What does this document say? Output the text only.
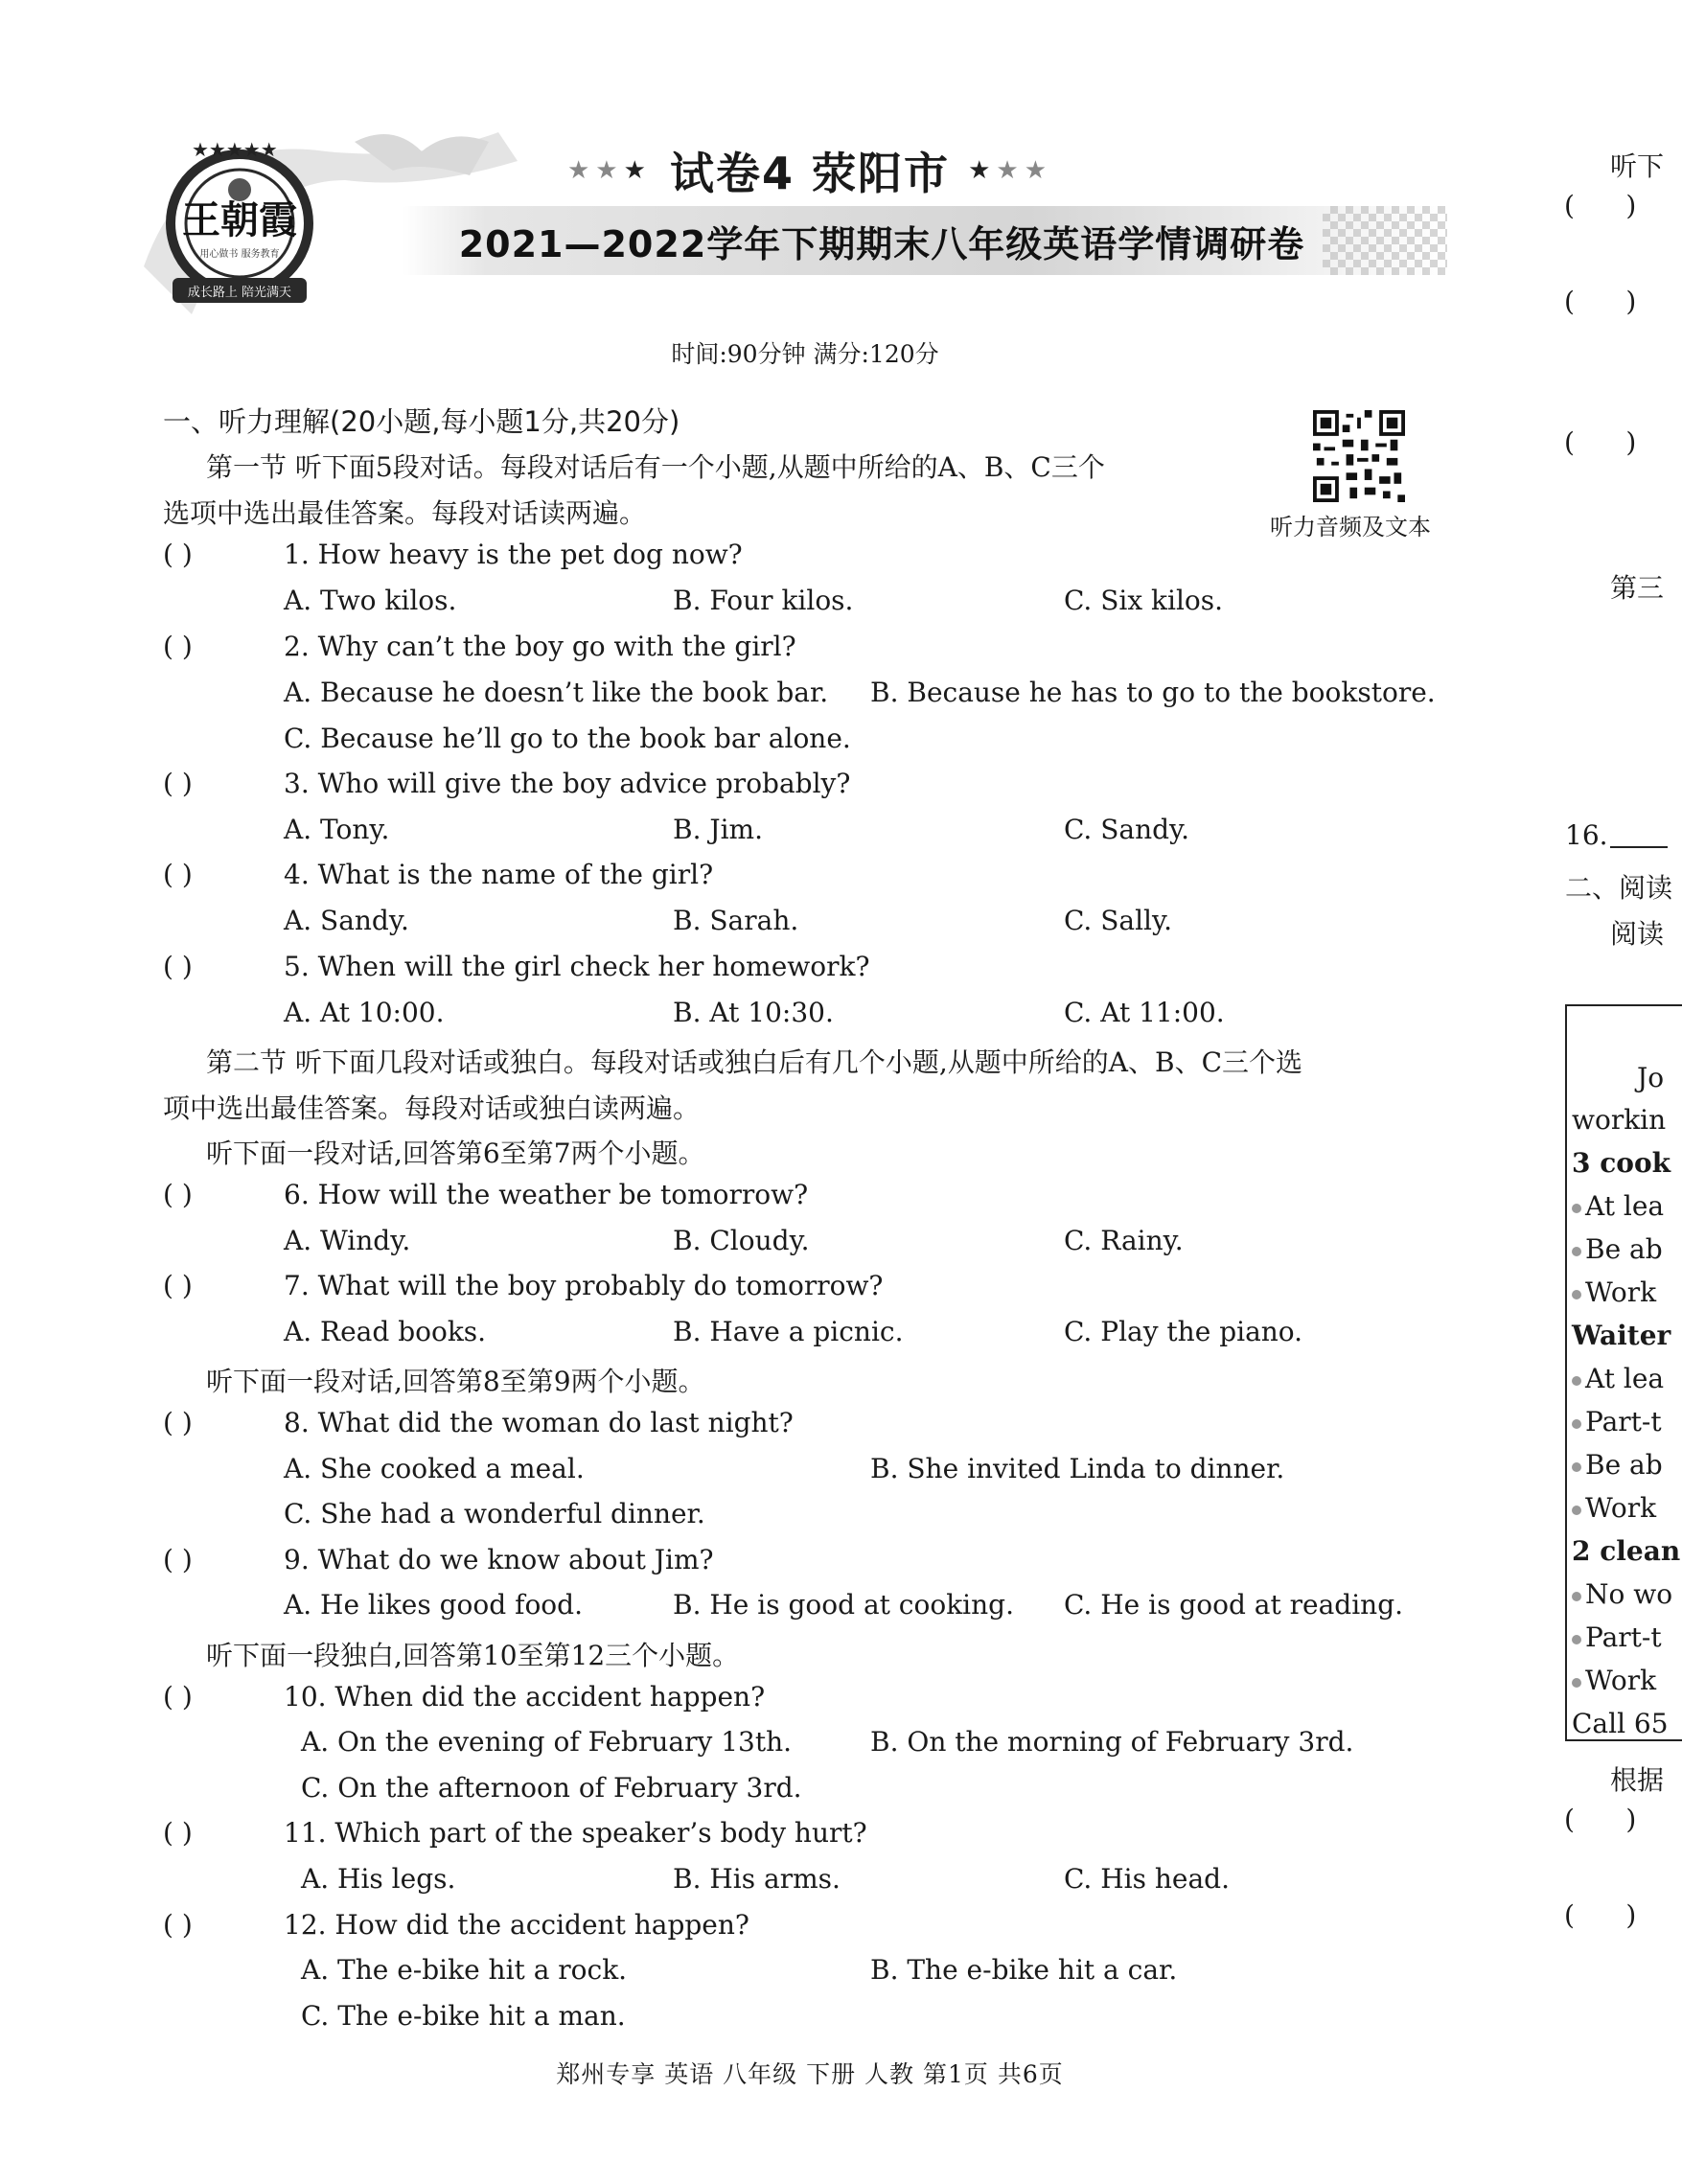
★★★★★
王朝霞
用心做书 服务教育
成长路上 陪光满天
★★★ 试卷4 荥阳市 ★★★
2021—2022学年下期期末八年级英语学情调研卷
时间:90分钟 满分:120分
听力音频及文本
一、听力理解(20小题,每小题1分,共20分)
第一节 听下面5段对话。每段对话后有一个小题,从题中所给的A、B、C三个
选项中选出最佳答案。每段对话读两遍。
( )	1. How heavy is the pet dog now?
A. Two kilos.	B. Four kilos.	C. Six kilos.
( )	2. Why can’t the boy go with the girl?
A. Because he doesn’t like the book bar. B. Because he has to go to the bookstore.
C. Because he’ll go to the book bar alone.
( )	3. Who will give the boy advice probably?
A. Tony.	B. Jim.	C. Sandy.
( )	4. What is the name of the girl?
A. Sandy.	B. Sarah.	C. Sally.
( )	5. When will the girl check her homework?
A. At 10:00.	B. At 10:30.	C. At 11:00.
第二节 听下面几段对话或独白。每段对话或独白后有几个小题,从题中所给的A、B、C三个选
项中选出最佳答案。每段对话或独白读两遍。
听下面一段对话,回答第6至第7两个小题。
( )	6. How will the weather be tomorrow?
A. Windy.	B. Cloudy.	C. Rainy.
( )	7. What will the boy probably do tomorrow?
A. Read books.	B. Have a picnic.	C. Play the piano.
听下面一段对话,回答第8至第9两个小题。
( )	8. What did the woman do last night?
A. She cooked a meal.	B. She invited Linda to dinner.
C. She had a wonderful dinner.
( )	9. What do we know about Jim?
A. He likes good food.	B. He is good at cooking. C. He is good at reading.
听下面一段独白,回答第10至第12三个小题。
( )	10. When did the accident happen?
A. On the evening of February 13th.	B. On the morning of February 3rd.
C. On the afternoon of February 3rd.
( )	11. Which part of the speaker’s body hurt?
A. His legs.	B. His arms.	C. His head.
( )	12. How did the accident happen?
A. The e-bike hit a rock.	B. The e-bike hit a car.
C. The e-bike hit a man.
郑州专享 英语 八年级 下册 人教 第1页 共6页
听下
(      )
(      )
(      )
第三
16.
二、阅读
阅读
Jo
workin
3 cook
At lea
Be ab
Work
Waiter
At lea
Part-t
Be ab
Work
2 clean
No wo
Part-t
Work
Call 65
根据
(      )
(      )
